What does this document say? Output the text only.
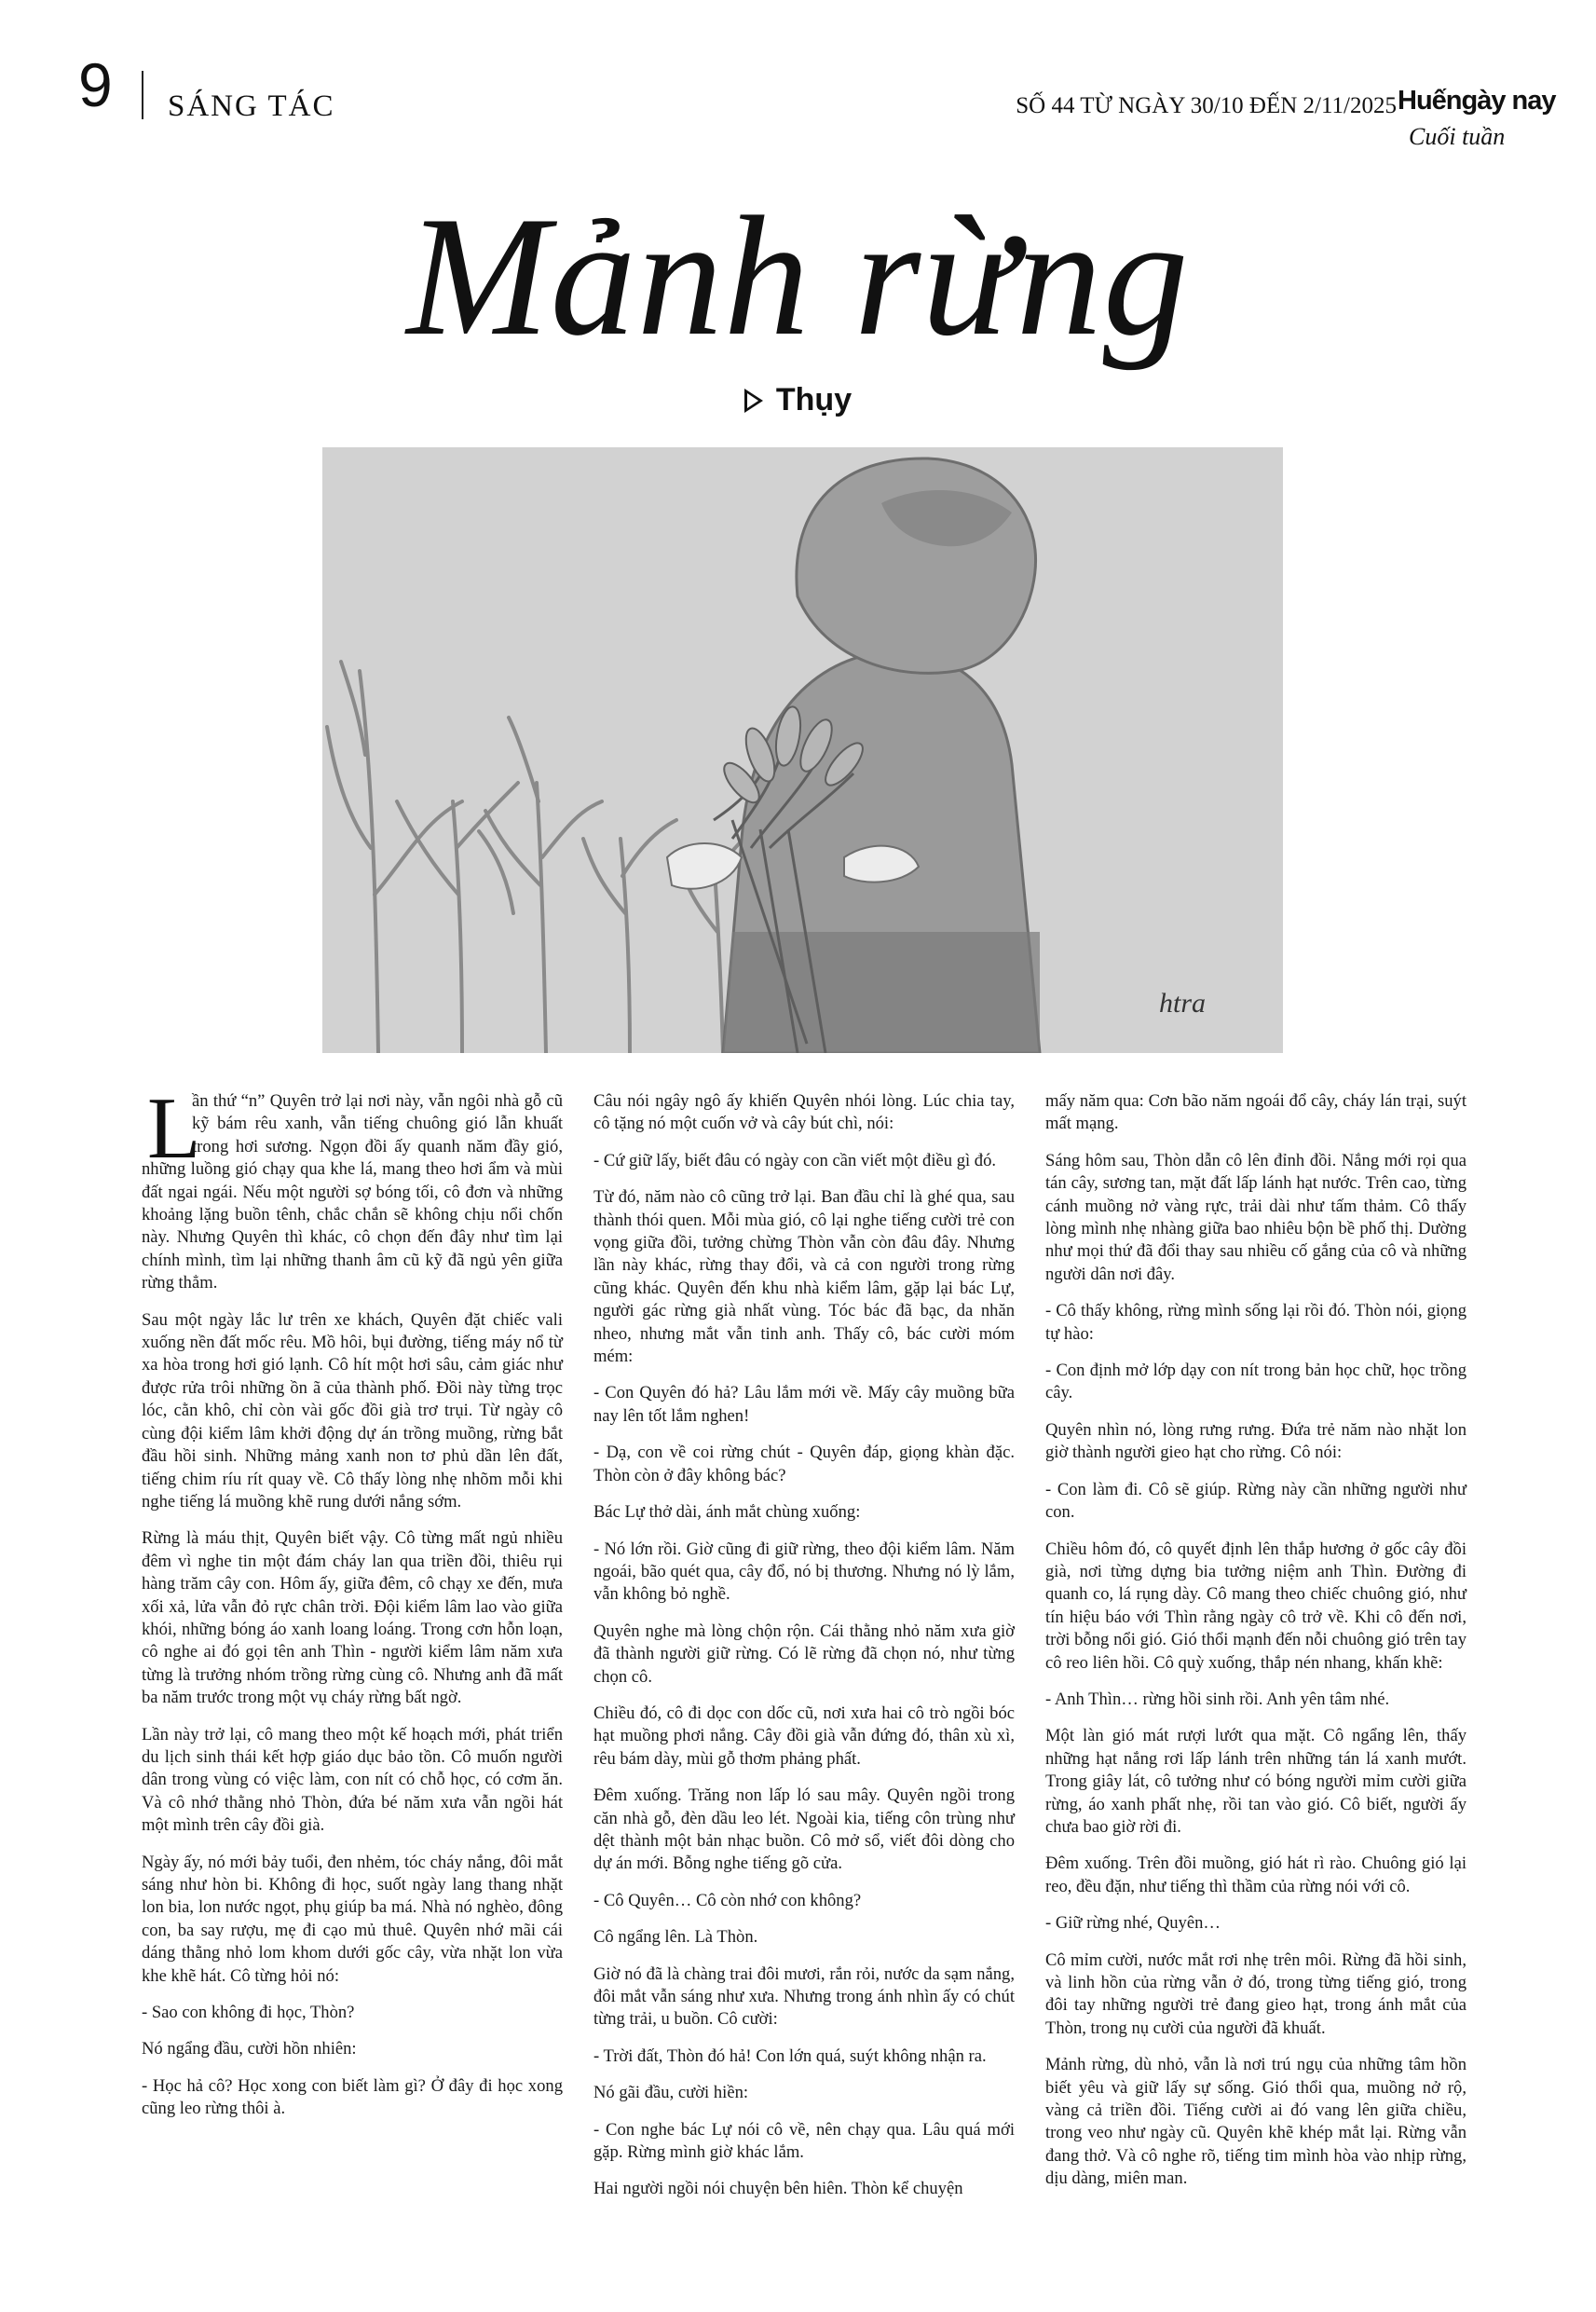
9 SÁNG TÁC	SỐ 44 TỪ NGÀY 30/10 ĐẾN 2/11/2025 Huếngày nay
Cuối tuần
Mảnh rừng
Thụy
htra
L

ần thứ “n” Quyên trở lại nơi này, vẫn ngôi nhà gỗ cũ kỹ bám rêu xanh, vẫn tiếng chuông gió lẫn khuất trong hơi sương. Ngọn đồi ấy quanh năm đầy gió, những luồng gió chạy qua khe lá, mang theo hơi ẩm và mùi đất ngai ngái. Nếu một người sợ bóng tối, cô đơn và những khoảng lặng buồn tênh, chắc chắn sẽ không chịu nổi chốn này. Nhưng Quyên thì khác, cô chọn đến đây như tìm lại chính mình, tìm lại những thanh âm cũ kỹ đã ngủ yên giữa rừng thẳm.

Sau một ngày lắc lư trên xe khách, Quyên đặt chiếc vali xuống nền đất mốc rêu. Mồ hôi, bụi đường, tiếng máy nổ từ xa hòa trong hơi gió lạnh. Cô hít một hơi sâu, cảm giác như được rửa trôi những ồn ã của thành phố. Đồi này từng trọc lóc, cằn khô, chỉ còn vài gốc đồi già trơ trụi. Từ ngày cô cùng đội kiểm lâm khởi động dự án trồng muồng, rừng bắt đầu hồi sinh. Những mảng xanh non tơ phủ dần lên đất, tiếng chim ríu rít quay về. Cô thấy lòng nhẹ nhõm mỗi khi nghe tiếng lá muồng khẽ rung dưới nắng sớm.

Rừng là máu thịt, Quyên biết vậy. Cô từng mất ngủ nhiều đêm vì nghe tin một đám cháy lan qua triền đồi, thiêu rụi hàng trăm cây con. Hôm ấy, giữa đêm, cô chạy xe đến, mưa xối xả, lửa vẫn đỏ rực chân trời. Đội kiểm lâm lao vào giữa khói, những bóng áo xanh loang loáng. Trong cơn hỗn loạn, cô nghe ai đó gọi tên anh Thìn - người kiểm lâm năm xưa từng là trưởng nhóm trồng rừng cùng cô. Nhưng anh đã mất ba năm trước trong một vụ cháy rừng bất ngờ.

Lần này trở lại, cô mang theo một kế hoạch mới, phát triển du lịch sinh thái kết hợp giáo dục bảo tồn. Cô muốn người dân trong vùng có việc làm, con nít có chỗ học, có cơm ăn. Và cô nhớ thằng nhỏ Thòn, đứa bé năm xưa vẫn ngồi hát một mình trên cây đồi già.

Ngày ấy, nó mới bảy tuổi, đen nhẻm, tóc cháy nắng, đôi mắt sáng như hòn bi. Không đi học, suốt ngày lang thang nhặt lon bia, lon nước ngọt, phụ giúp ba má. Nhà nó nghèo, đông con, ba say rượu, mẹ đi cạo mủ thuê. Quyên nhớ mãi cái dáng thằng nhỏ lom khom dưới gốc cây, vừa nhặt lon vừa khe khẽ hát. Cô từng hỏi nó:

- Sao con không đi học, Thòn?

Nó ngẩng đầu, cười hồn nhiên:

- Học hả cô? Học xong con biết làm gì? Ở đây đi học xong cũng leo rừng thôi à.

Câu nói ngây ngô ấy khiến Quyên nhói lòng. Lúc chia tay, cô tặng nó một cuốn vở và cây bút chì, nói:

- Cứ giữ lấy, biết đâu có ngày con cần viết một điều gì đó.

Từ đó, năm nào cô cũng trở lại. Ban đầu chỉ là ghé qua, sau thành thói quen. Mỗi mùa gió, cô lại nghe tiếng cười trẻ con vọng giữa đồi, tưởng chừng Thòn vẫn còn đâu đây. Nhưng lần này khác, rừng thay đổi, và cả con người trong rừng cũng khác. Quyên đến khu nhà kiểm lâm, gặp lại bác Lự, người gác rừng già nhất vùng. Tóc bác đã bạc, da nhăn nheo, nhưng mắt vẫn tinh anh. Thấy cô, bác cười móm mém:

- Con Quyên đó hả? Lâu lắm mới về. Mấy cây muồng bữa nay lên tốt lắm nghen!

- Dạ, con về coi rừng chút - Quyên đáp, giọng khàn đặc. Thòn còn ở đây không bác?

Bác Lự thở dài, ánh mắt chùng xuống:

- Nó lớn rồi. Giờ cũng đi giữ rừng, theo đội kiểm lâm. Năm ngoái, bão quét qua, cây đổ, nó bị thương. Nhưng nó lỳ lắm, vẫn không bỏ nghề.

Quyên nghe mà lòng chộn rộn. Cái thằng nhỏ năm xưa giờ đã thành người giữ rừng. Có lẽ rừng đã chọn nó, như từng chọn cô.

Chiều đó, cô đi dọc con dốc cũ, nơi xưa hai cô trò ngồi bóc hạt muồng phơi nắng. Cây đồi già vẫn đứng đó, thân xù xì, rêu bám dày, mùi gỗ thơm phảng phất.

Đêm xuống. Trăng non lấp ló sau mây. Quyên ngồi trong căn nhà gỗ, đèn dầu leo lét. Ngoài kia, tiếng côn trùng như dệt thành một bản nhạc buồn. Cô mở sổ, viết đôi dòng cho dự án mới. Bỗng nghe tiếng gõ cửa.

- Cô Quyên… Cô còn nhớ con không?

Cô ngẩng lên. Là Thòn.

Giờ nó đã là chàng trai đôi mươi, rắn rỏi, nước da sạm nắng, đôi mắt vẫn sáng như xưa. Nhưng trong ánh nhìn ấy có chút từng trải, u buồn. Cô cười:

- Trời đất, Thòn đó hả! Con lớn quá, suýt không nhận ra.

Nó gãi đầu, cười hiền:

- Con nghe bác Lự nói cô về, nên chạy qua. Lâu quá mới gặp. Rừng mình giờ khác lắm.

Hai người ngồi nói chuyện bên hiên. Thòn kể chuyện

mấy năm qua: Cơn bão năm ngoái đổ cây, cháy lán trại, suýt mất mạng.

Sáng hôm sau, Thòn dẫn cô lên đỉnh đồi. Nắng mới rọi qua tán cây, sương tan, mặt đất lấp lánh hạt nước. Trên cao, từng cánh muồng nở vàng rực, trải dài như tấm thảm. Cô thấy lòng mình nhẹ nhàng giữa bao nhiêu bộn bề phố thị. Dường như mọi thứ đã đổi thay sau nhiều cố gắng của cô và những người dân nơi đây.

- Cô thấy không, rừng mình sống lại rồi đó. Thòn nói, giọng tự hào:

- Con định mở lớp dạy con nít trong bản học chữ, học trồng cây.

Quyên nhìn nó, lòng rưng rưng. Đứa trẻ năm nào nhặt lon giờ thành người gieo hạt cho rừng. Cô nói:

- Con làm đi. Cô sẽ giúp. Rừng này cần những người như con.

Chiều hôm đó, cô quyết định lên thắp hương ở gốc cây đồi già, nơi từng dựng bia tưởng niệm anh Thìn. Đường đi quanh co, lá rụng dày. Cô mang theo chiếc chuông gió, như tín hiệu báo với Thìn rằng ngày cô trở về. Khi cô đến nơi, trời bỗng nổi gió. Gió thổi mạnh đến nỗi chuông gió trên tay cô reo liên hồi. Cô quỳ xuống, thắp nén nhang, khấn khẽ:

- Anh Thìn… rừng hồi sinh rồi. Anh yên tâm nhé.

Một làn gió mát rượi lướt qua mặt. Cô ngẩng lên, thấy những hạt nắng rơi lấp lánh trên những tán lá xanh mướt. Trong giây lát, cô tưởng như có bóng người mỉm cười giữa rừng, áo xanh phất nhẹ, rồi tan vào gió. Cô biết, người ấy chưa bao giờ rời đi.

Đêm xuống. Trên đồi muồng, gió hát rì rào. Chuông gió lại reo, đều đặn, như tiếng thì thầm của rừng nói với cô.

- Giữ rừng nhé, Quyên…

Cô mỉm cười, nước mắt rơi nhẹ trên môi. Rừng đã hồi sinh, và linh hồn của rừng vẫn ở đó, trong từng tiếng gió, trong đôi tay những người trẻ đang gieo hạt, trong ánh mắt của Thòn, trong nụ cười của người đã khuất.

Mảnh rừng, dù nhỏ, vẫn là nơi trú ngụ của những tâm hồn biết yêu và giữ lấy sự sống. Gió thổi qua, muồng nở rộ, vàng cả triền đồi. Tiếng cười ai đó vang lên giữa chiều, trong veo như ngày cũ. Quyên khẽ khép mắt lại. Rừng vẫn đang thở. Và cô nghe rõ, tiếng tim mình hòa vào nhịp rừng, dịu dàng, miên man.
